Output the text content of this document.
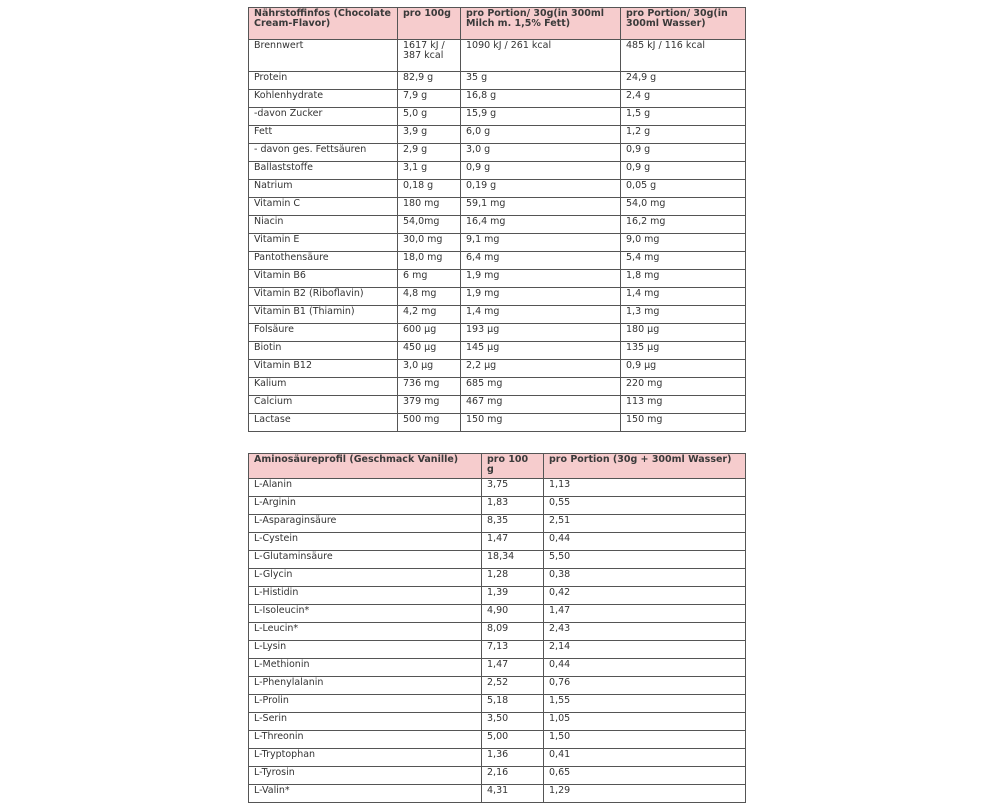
Nährstoffinfos (Chocolate Cream-Flavor)	pro 100g	pro Portion/ 30g(in 300ml Milch m. 1,5% Fett)	pro Portion/ 30g(in 300ml Wasser)
Brennwert	1617 kJ / 387 kcal	1090 kJ / 261 kcal	485 kJ / 116 kcal
Protein	82,9 g	35 g	24,9 g
Kohlenhydrate	7,9 g	16,8 g	2,4 g
-davon Zucker	5,0 g	15,9 g	1,5 g
Fett	3,9 g	6,0 g	1,2 g
- davon ges. Fettsäuren	2,9 g	3,0 g	0,9 g
Ballaststoffe	3,1 g	0,9 g	0,9 g
Natrium	0,18 g	0,19 g	0,05 g
Vitamin C	180 mg	59,1 mg	54,0 mg
Niacin	54,0mg	16,4 mg	16,2 mg
Vitamin E	30,0 mg	9,1 mg	9,0 mg
Pantothensäure	18,0 mg	6,4 mg	5,4 mg
Vitamin B6	6 mg	1,9 mg	1,8 mg
Vitamin B2 (Riboflavin)	4,8 mg	1,9 mg	1,4 mg
Vitamin B1 (Thiamin)	4,2 mg	1,4 mg	1,3 mg
Folsäure	600 µg	193 µg	180 µg
Biotin	450 µg	145 µg	135 µg
Vitamin B12	3,0 µg	2,2 µg	0,9 µg
Kalium	736 mg	685 mg	220 mg
Calcium	379 mg	467 mg	113 mg
Lactase	500 mg	150 mg	150 mg
Aminosäureprofil (Geschmack Vanille)	pro 100 g	pro Portion (30g + 300ml Wasser)
L-Alanin	3,75	1,13
L-Arginin	1,83	0,55
L-Asparaginsäure	8,35	2,51
L-Cystein	1,47	0,44
L-Glutaminsäure	18,34	5,50
L-Glycin	1,28	0,38
L-Histidin	1,39	0,42
L-Isoleucin*	4,90	1,47
L-Leucin*	8,09	2,43
L-Lysin	7,13	2,14
L-Methionin	1,47	0,44
L-Phenylalanin	2,52	0,76
L-Prolin	5,18	1,55
L-Serin	3,50	1,05
L-Threonin	5,00	1,50
L-Tryptophan	1,36	0,41
L-Tyrosin	2,16	0,65
L-Valin*	4,31	1,29
